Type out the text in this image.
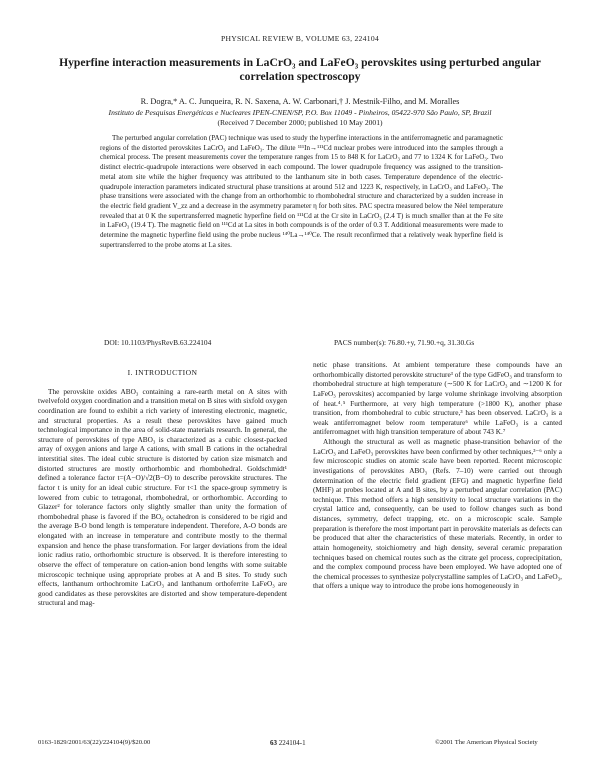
PHYSICAL REVIEW B, VOLUME 63, 224104
Hyperfine interaction measurements in LaCrO₃ and LaFeO₃ perovskites using perturbed angular correlation spectroscopy
R. Dogra,* A. C. Junqueira, R. N. Saxena, A. W. Carbonari,† J. Mestnik-Filho, and M. Moralles
Instituto de Pesquisas Energéticas e Nucleares IPEN-CNEN/SP, P.O. Box 11049 - Pinheiros, 05422-970 São Paulo, SP, Brazil
(Received 7 December 2000; published 10 May 2001)
The perturbed angular correlation (PAC) technique was used to study the hyperfine interactions in the antiferromagnetic and paramagnetic regions of the distorted perovskites LaCrO₃ and LaFeO₃. The dilute ¹¹¹In→¹¹¹Cd nuclear probes were introduced into the samples through a chemical process. The present measurements cover the temperature ranges from 15 to 848 K for LaCrO₃ and 77 to 1324 K for LaFeO₃. Two distinct electric-quadrupole interactions were observed in each compound. The lower quadrupole frequency was assigned to the transition-metal atom site while the higher frequency was attributed to the lanthanum site in both cases. Temperature dependence of the electric-quadrupole interaction parameters indicated structural phase transitions at around 512 and 1223 K, respectively, in LaCrO₃ and LaFeO₃. The phase transitions were associated with the change from an orthorhombic to rhombohedral structure and characterized by a sudden increase in the electric field gradient V_zz and a decrease in the asymmetry parameter η for both sites. PAC spectra measured below the Néel temperature revealed that at 0 K the supertransferred magnetic hyperfine field on ¹¹¹Cd at the Cr site in LaCrO₃ (2.4 T) is much smaller than at the Fe site in LaFeO₃ (19.4 T). The magnetic field on ¹¹¹Cd at La sites in both compounds is of the order of 0.3 T. Additional measurements were made to determine the magnetic hyperfine field using the probe nucleus ¹⁴⁰La→¹⁴⁰Ce. The result reconfirmed that a relatively weak hyperfine field is supertransferred to the probe atoms at La sites.
DOI: 10.1103/PhysRevB.63.224104	PACS number(s): 76.80.+y, 71.90.+q, 31.30.Gs
I. INTRODUCTION

The perovskite oxides ABO₃ containing a rare-earth metal on A sites with twelvefold oxygen coordination and a transition metal on B sites with sixfold oxygen coordination are found to exhibit a rich variety of interesting electronic, magnetic, and structural properties. As a result these perovskites have gained much technological importance in the area of solid-state materials research. In general, the structure of perovskites of type ABO₃ is characterized as a cubic closest-packed array of oxygen anions and large A cations, with small B cations in the octahedral interstitial sites. The ideal cubic structure is distorted by cation size mismatch and distorted structures are mostly orthorhombic and rhombohedral. Goldschmidt¹ defined a tolerance factor t=(A−O)/√2(B−O) to describe perovskite structures. The factor t is unity for an ideal cubic structure. For t<1 the space-group symmetry is lowered from cubic to tetragonal, rhombohedral, or orthorhombic. According to Glazer² for tolerance factors only slightly smaller than unity the formation of rhombohedral phase is favored if the BO₆ octahedron is considered to be rigid and the average B-O bond length is temperature independent. Therefore, A-O bonds are elongated with an increase in temperature and contribute mostly to the thermal expansion and hence the phase transformation. For larger deviations from the ideal ionic radius ratio, orthorhombic structure is observed. It is therefore interesting to observe the effect of temperature on cation-anion bond lengths with some suitable microscopic technique using appropriate probes at A and B sites. To study such effects, lanthanum orthochromite LaCrO₃ and lanthanum orthoferrite LaFeO₃ are good candidates as these perovskites are distorted and show temperature-dependent structural and mag-

netic phase transitions. At ambient temperature these compounds have an orthorhombically distorted perovskite structure³ of the type GdFeO₃ and transform to rhombohedral structure at high temperature (∼500 K for LaCrO₃ and ∼1200 K for LaFeO₃ perovskites) accompanied by large volume shrinkage involving absorption of heat.⁴˒⁵ Furthermore, at very high temperature (>1800 K), another phase transition, from rhombohedral to cubic structure,³ has been observed. LaCrO₃ is a weak antiferromagnet below room temperature⁶ while LaFeO₃ is a canted antiferromagnet with high transition temperature of about 743 K.⁷

Although the structural as well as magnetic phase-transition behavior of the LaCrO₃ and LaFeO₃ perovskites have been confirmed by other techniques,³⁻⁶ only a few microscopic studies on atomic scale have been reported. Recent microscopic investigations of perovskites ABO₃ (Refs. 7–10) were carried out through determination of the electric field gradient (EFG) and magnetic hyperfine field (MHF) at probes located at A and B sites, by a perturbed angular correlation (PAC) technique. This method offers a high sensitivity to local structure variations in the crystal lattice and, consequently, can be used to follow changes such as bond distances, symmetry, defect trapping, etc. on a microscopic scale. Sample preparation is therefore the most important part in perovskite materials as defects can be produced that alter the characteristics of these materials. Recently, in order to attain homogeneity, stoichiometry and high density, several ceramic preparation techniques based on chemical routes such as the citrate gel process, coprecipitation, and the complex compound process have been employed. We have adopted one of the chemical processes to synthesize polycrystalline samples of LaCrO₃ and LaFeO₃, that offers a unique way to introduce the probe ions homogeneously in

0163-1829/2001/63(22)/224104(9)/$20.00	63 224104-1	©2001 The American Physical Society
